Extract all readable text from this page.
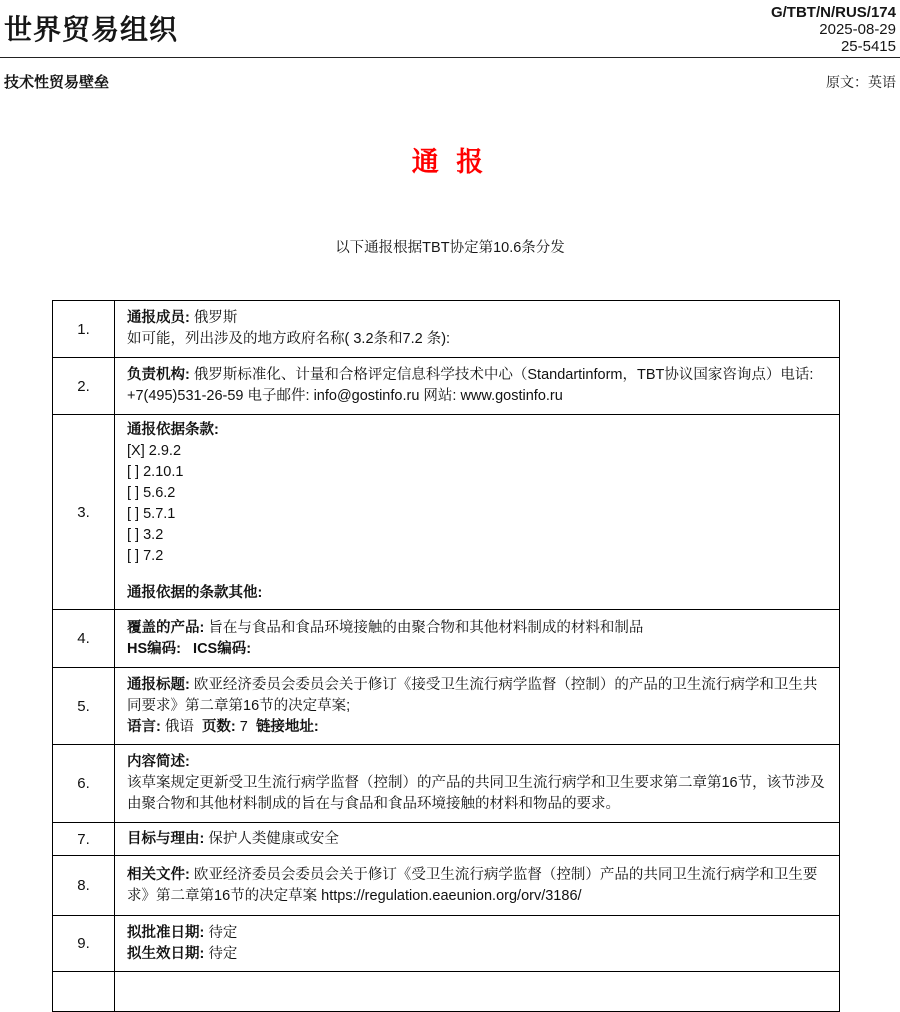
世界贸易组织
G/TBT/N/RUS/174
2025-08-29
25-5415
技术性贸易壁垒	原文：英语
通 报
以下通报根据TBT协定第10.6条分发
1.	通报成员: 俄罗斯
如可能，列出涉及的地方政府名称( 3.2条和7.2 条):

2.	负责机构: 俄罗斯标准化、计量和合格评定信息科学技术中心（Standartinform，TBT协议国家咨询点）电话: +7(495)531-26-59 电子邮件: info@gostinfo.ru 网站: www.gostinfo.ru

3.	
通报依据条款:
[X] 2.9.2
[ ] 2.10.1
[ ] 5.6.2
[ ] 5.7.1
[ ] 3.2
[ ] 7.2
通报依据的条款其他:

4.	覆盖的产品: 旨在与食品和食品环境接触的由聚合物和其他材料制成的材料和制品
HS编码:   ICS编码:

5.	通报标题: 欧亚经济委员会委员会关于修订《接受卫生流行病学监督（控制）的产品的卫生流行病学和卫生共同要求》第二章第16节的决定草案;
语言: 俄语  页数: 7  链接地址:

6.	内容简述:
该草案规定更新受卫生流行病学监督（控制）的产品的共同卫生流行病学和卫生要求第二章第16节，该节涉及由聚合物和其他材料制成的旨在与食品和食品环境接触的材料和物品的要求。

7.	目标与理由: 保护人类健康或安全

8.	相关文件: 欧亚经济委员会委员会关于修订《受卫生流行病学监督（控制）产品的共同卫生流行病学和卫生要求》第二章第16节的决定草案 https://regulation.eaeunion.org/orv/3186/

9.	拟批准日期: 待定
拟生效日期: 待定
